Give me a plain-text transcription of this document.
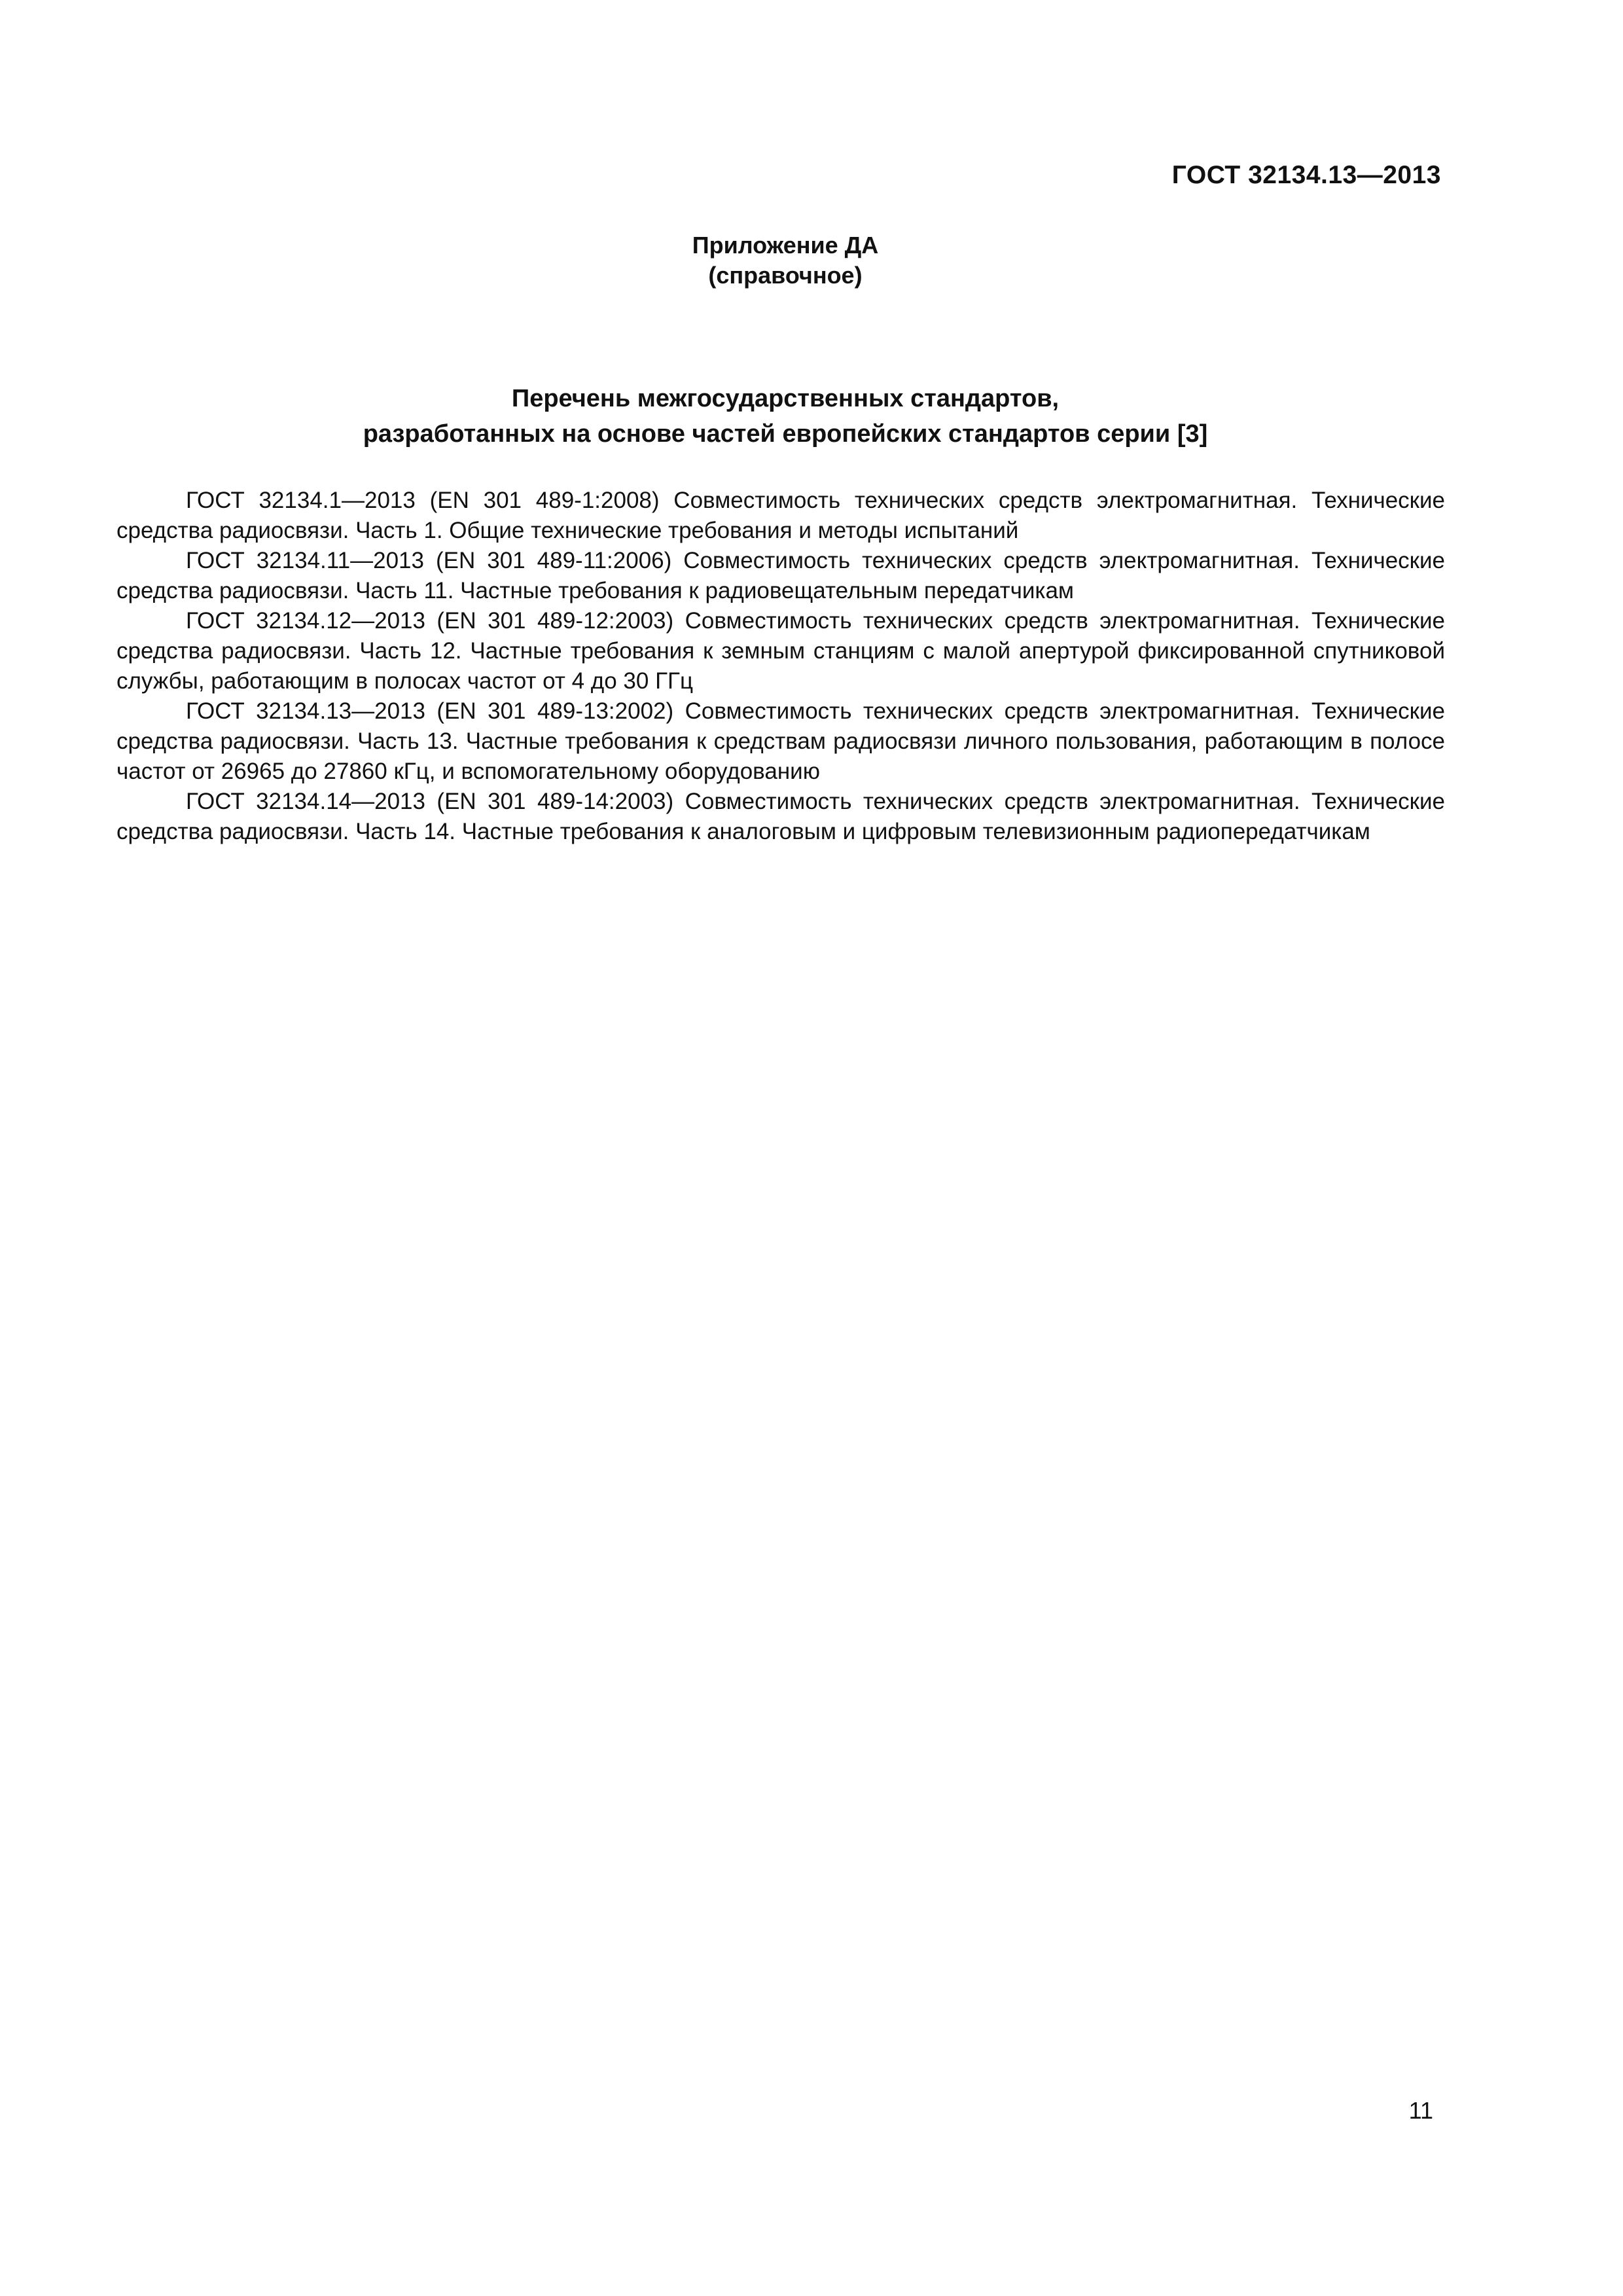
ГОСТ 32134.13—2013
Приложение ДА
(справочное)
Перечень межгосударственных стандартов,
разработанных на основе частей европейских стандартов серии [3]

ГОСТ 32134.1—2013 (EN 301 489-1:2008) Совместимость технических средств электромагнитная. Технические средства радиосвязи. Часть 1. Общие технические требования и методы испытаний

ГОСТ 32134.11—2013 (EN 301 489-11:2006) Совместимость технических средств электромагнитная. Технические средства радиосвязи. Часть 11. Частные требования к радиовещательным передатчикам

ГОСТ 32134.12—2013 (EN 301 489-12:2003) Совместимость технических средств электромагнитная. Технические средства радиосвязи. Часть 12. Частные требования к земным станциям с малой апертурой фиксированной спутниковой службы, работающим в полосах частот от 4 до 30 ГГц

ГОСТ 32134.13—2013 (EN 301 489-13:2002) Совместимость технических средств электромагнитная. Технические средства радиосвязи. Часть 13. Частные требования к средствам радиосвязи личного пользования, работающим в полосе частот от 26965 до 27860 кГц, и вспомогательному оборудованию

ГОСТ 32134.14—2013 (EN 301 489-14:2003) Совместимость технических средств электромагнитная. Технические средства радиосвязи. Часть 14. Частные требования к аналоговым и цифровым телевизионным радиопередатчикам

11
